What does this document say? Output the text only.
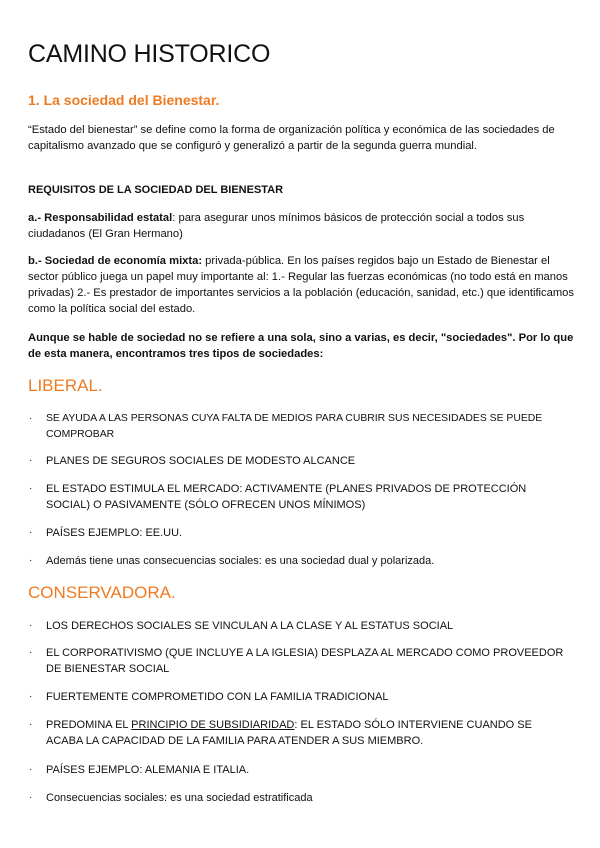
CAMINO HISTORICO
1. La sociedad del Bienestar.
“Estado del bienestar” se define como la forma de organización política y económica de las sociedades de capitalismo avanzado que se configuró y generalizó a partir de la segunda guerra mundial.
REQUISITOS DE LA SOCIEDAD DEL BIENESTAR
a.- Responsabilidad estatal: para asegurar unos mínimos básicos de protección social a todos sus ciudadanos (El Gran Hermano)
b.- Sociedad de economía mixta: privada-pública. En los países regidos bajo un Estado de Bienestar el sector público juega un papel muy importante al: 1.- Regular las fuerzas económicas (no todo está en manos privadas) 2.- Es prestador de importantes servicios a la población (educación, sanidad, etc.) que identificamos como la política social del estado.
Aunque se hable de sociedad no se refiere a una sola, sino a varias, es decir, "sociedades". Por lo que de esta manera, encontramos tres tipos de sociedades:
LIBERAL.
·	SE AYUDA A LAS PERSONAS CUYA FALTA DE MEDIOS PARA CUBRIR SUS NECESIDADES SE PUEDE COMPROBAR
·	PLANES DE SEGUROS SOCIALES DE MODESTO ALCANCE
·	EL ESTADO ESTIMULA EL MERCADO: ACTIVAMENTE (PLANES PRIVADOS DE PROTECCIÓN SOCIAL) O PASIVAMENTE (SÓLO OFRECEN UNOS MÍNIMOS)
·	PAÍSES EJEMPLO: EE.UU.
·	Además tiene unas consecuencias sociales: es una sociedad dual y polarizada.
CONSERVADORA.
·	LOS DERECHOS SOCIALES SE VINCULAN A LA CLASE Y AL ESTATUS SOCIAL
·	EL CORPORATIVISMO (QUE INCLUYE A LA IGLESIA) DESPLAZA AL MERCADO COMO PROVEEDOR DE BIENESTAR SOCIAL
·	FUERTEMENTE COMPROMETIDO CON LA FAMILIA TRADICIONAL
·	PREDOMINA EL PRINCIPIO DE SUBSIDIARIDAD: EL ESTADO SÓLO INTERVIENE CUANDO SE ACABA LA CAPACIDAD DE LA FAMILIA PARA ATENDER A SUS MIEMBRO.
·	PAÍSES EJEMPLO: ALEMANIA E ITALIA.
·	Consecuencias sociales: es una sociedad estratificada
